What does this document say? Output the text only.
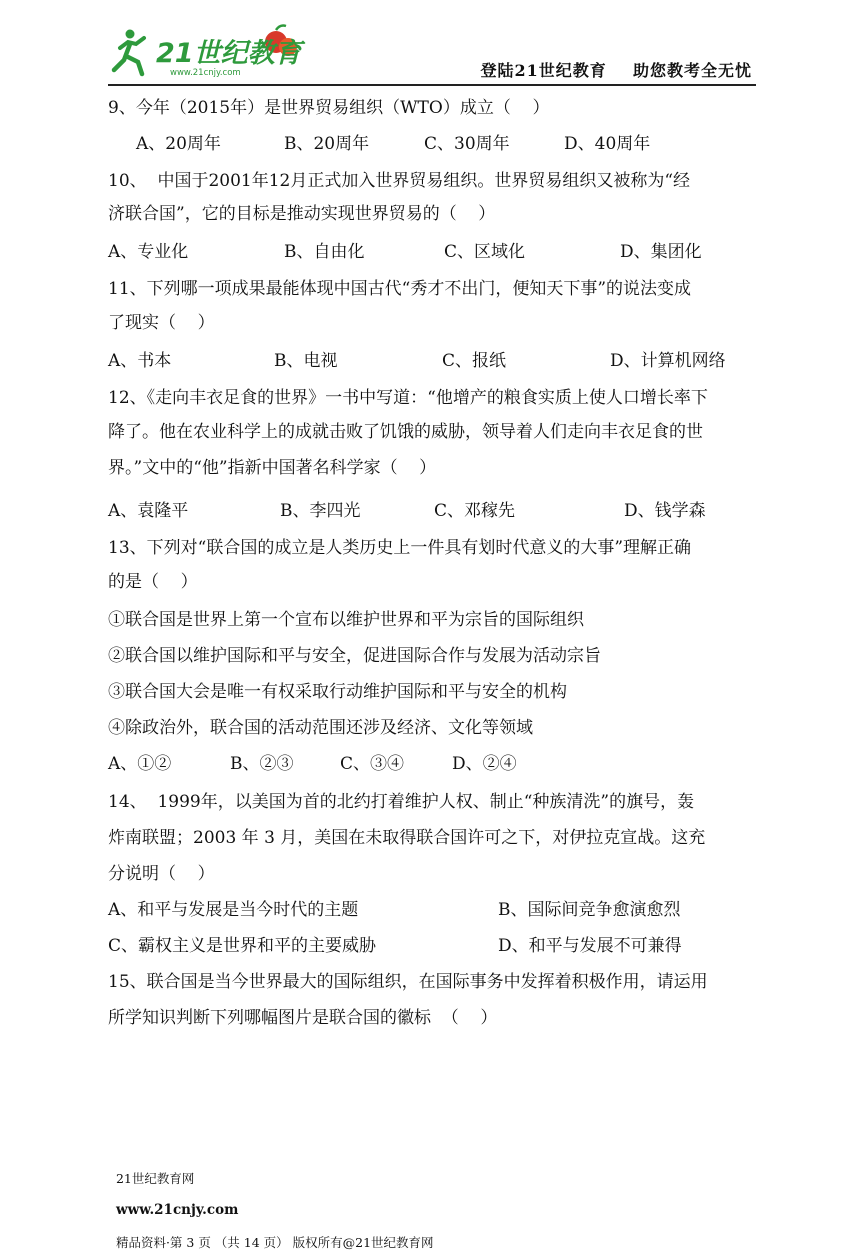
21世纪教育
www.21cnjy.com	登陆21世纪教育    助您教考全无忧
9、今年（2015年）是世界贸易组织（WTO）成立（    ）
A、20周年	B、20周年	C、30周年	D、40周年
10、  中国于2001年12月正式加入世界贸易组织。世界贸易组织又被称为“经
济联合国”，它的目标是推动实现世界贸易的（    ）
A、专业化	B、自由化	C、区域化	D、集团化
11、下列哪一项成果最能体现中国古代“秀才不出门，便知天下事”的说法变成
了现实（    ）
A、书本	B、电视	C、报纸	D、计算机网络
12、《走向丰衣足食的世界》一书中写道：“他增产的粮食实质上使人口增长率下
降了。他在农业科学上的成就击败了饥饿的威胁，领导着人们走向丰衣足食的世
界。”文中的“他”指新中国著名科学家（    ）
A、袁隆平	B、李四光	C、邓稼先	D、钱学森
13、下列对“联合国的成立是人类历史上一件具有划时代意义的大事”理解正确
的是（    ）
①联合国是世界上第一个宣布以维护世界和平为宗旨的国际组织
②联合国以维护国际和平与安全，促进国际合作与发展为活动宗旨
③联合国大会是唯一有权采取行动维护国际和平与安全的机构
④除政治外，联合国的活动范围还涉及经济、文化等领域
A、①②	B、②③	C、③④	D、②④
14、  1999年，以美国为首的北约打着维护人权、制止“种族清洗”的旗号，轰
炸南联盟；2003 年 3 月，美国在未取得联合国许可之下，对伊拉克宣战。这充
分说明（    ）
A、和平与发展是当今时代的主题	B、国际间竞争愈演愈烈
C、霸权主义是世界和平的主要威胁	D、和平与发展不可兼得
15、联合国是当今世界最大的国际组织，在国际事务中发挥着积极作用，请运用
所学知识判断下列哪幅图片是联合国的徽标  （    ）

21世纪教育网

www.21cnjy.com

精品资料·第 3 页 （共 14 页） 版权所有@21世纪教育网
